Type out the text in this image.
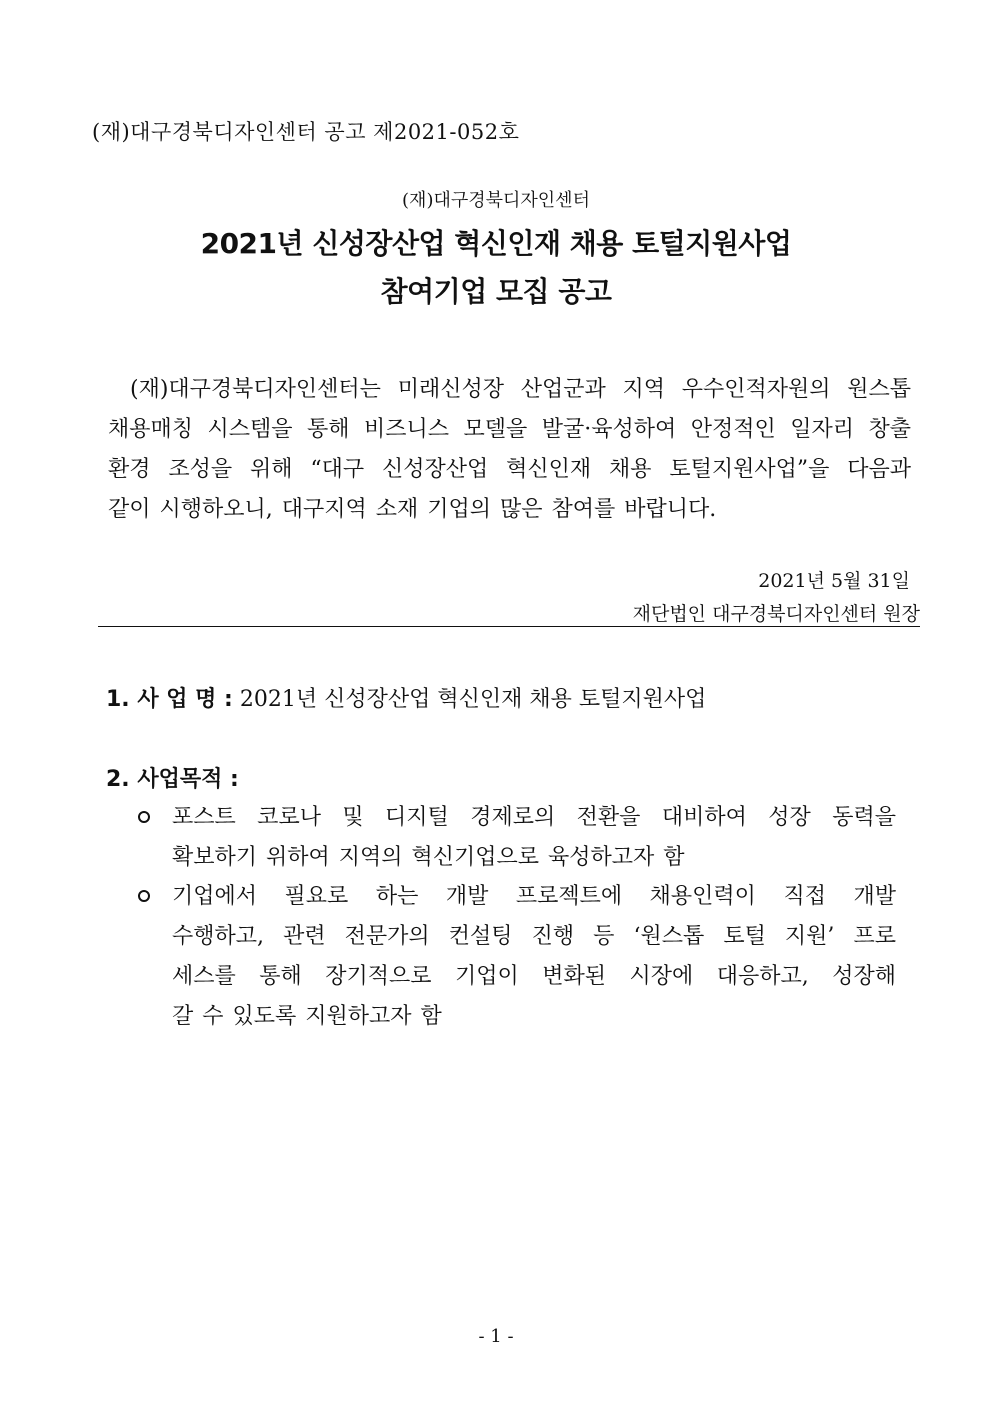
(재)대구경북디자인센터 공고 제2021-052호
(재)대구경북디자인센터
2021년 신성장산업 혁신인재 채용 토털지원사업
참여기업 모집 공고
(재)대구경북디자인센터는 미래신성장 산업군과 지역 우수인적자원의 원스톱
채용매칭 시스템을 통해 비즈니스 모델을 발굴·육성하여 안정적인 일자리 창출
환경 조성을 위해 “대구 신성장산업 혁신인재 채용 토털지원사업”을 다음과
같이 시행하오니, 대구지역 소재 기업의 많은 참여를 바랍니다.
2021년 5월 31일
재단법인 대구경북디자인센터 원장
1. 사 업 명 : 2021년 신성장산업 혁신인재 채용 토털지원사업
2. 사업목적 :
포스트 코로나 및 디지털 경제로의 전환을 대비하여 성장 동력을
확보하기 위하여 지역의 혁신기업으로 육성하고자 함
기업에서 필요로 하는 개발 프로젝트에 채용인력이 직접 개발
수행하고, 관련 전문가의 컨설팅 진행 등 ‘원스톱 토털 지원’ 프로
세스를 통해 장기적으로 기업이 변화된 시장에 대응하고, 성장해
갈 수 있도록 지원하고자 함
- 1 -
